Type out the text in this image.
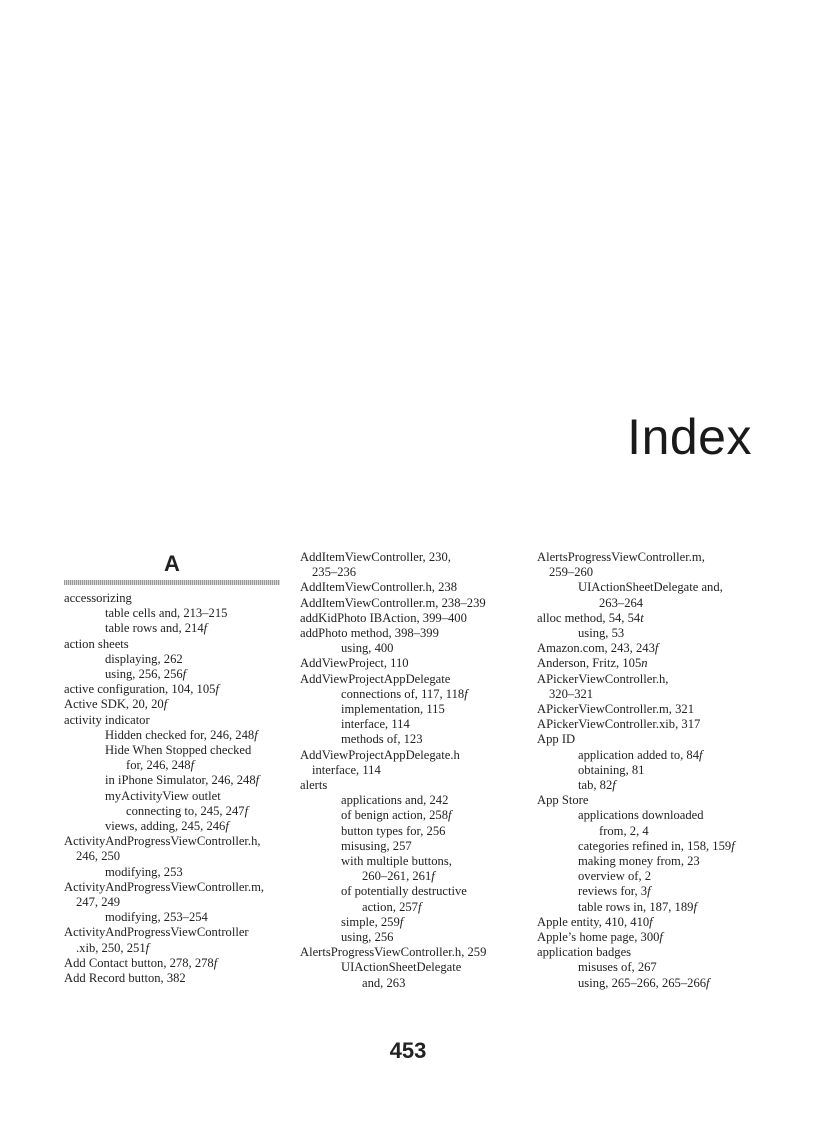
Index
A
accessorizing
table cells and, 213–215
table rows and, 214f
action sheets
displaying, 262
using, 256, 256f
active configuration, 104, 105f
Active SDK, 20, 20f
activity indicator
Hidden checked for, 246, 248f
Hide When Stopped checked
for, 246, 248f
in iPhone Simulator, 246, 248f
myActivityView outlet
connecting to, 245, 247f
views, adding, 245, 246f
ActivityAndProgressViewController.h,
246, 250
modifying, 253
ActivityAndProgressViewController.m,
247, 249
modifying, 253–254
ActivityAndProgressViewController
.xib, 250, 251f
Add Contact button, 278, 278f
Add Record button, 382
AddItemViewController, 230,
235–236
AddItemViewController.h, 238
AddItemViewController.m, 238–239
addKidPhoto IBAction, 399–400
addPhoto method, 398–399
using, 400
AddViewProject, 110
AddViewProjectAppDelegate
connections of, 117, 118f
implementation, 115
interface, 114
methods of, 123
AddViewProjectAppDelegate.h
interface, 114
alerts
applications and, 242
of benign action, 258f
button types for, 256
misusing, 257
with multiple buttons,
260–261, 261f
of potentially destructive
action, 257f
simple, 259f
using, 256
AlertsProgressViewController.h, 259
UIActionSheetDelegate
and, 263
AlertsProgressViewController.m,
259–260
UIActionSheetDelegate and,
263–264
alloc method, 54, 54t
using, 53
Amazon.com, 243, 243f
Anderson, Fritz, 105n
APickerViewController.h,
320–321
APickerViewController.m, 321
APickerViewController.xib, 317
App ID
application added to, 84f
obtaining, 81
tab, 82f
App Store
applications downloaded
from, 2, 4
categories refined in, 158, 159f
making money from, 23
overview of, 2
reviews for, 3f
table rows in, 187, 189f
Apple entity, 410, 410f
Apple’s home page, 300f
application badges
misuses of, 267
using, 265–266, 265–266f
453
